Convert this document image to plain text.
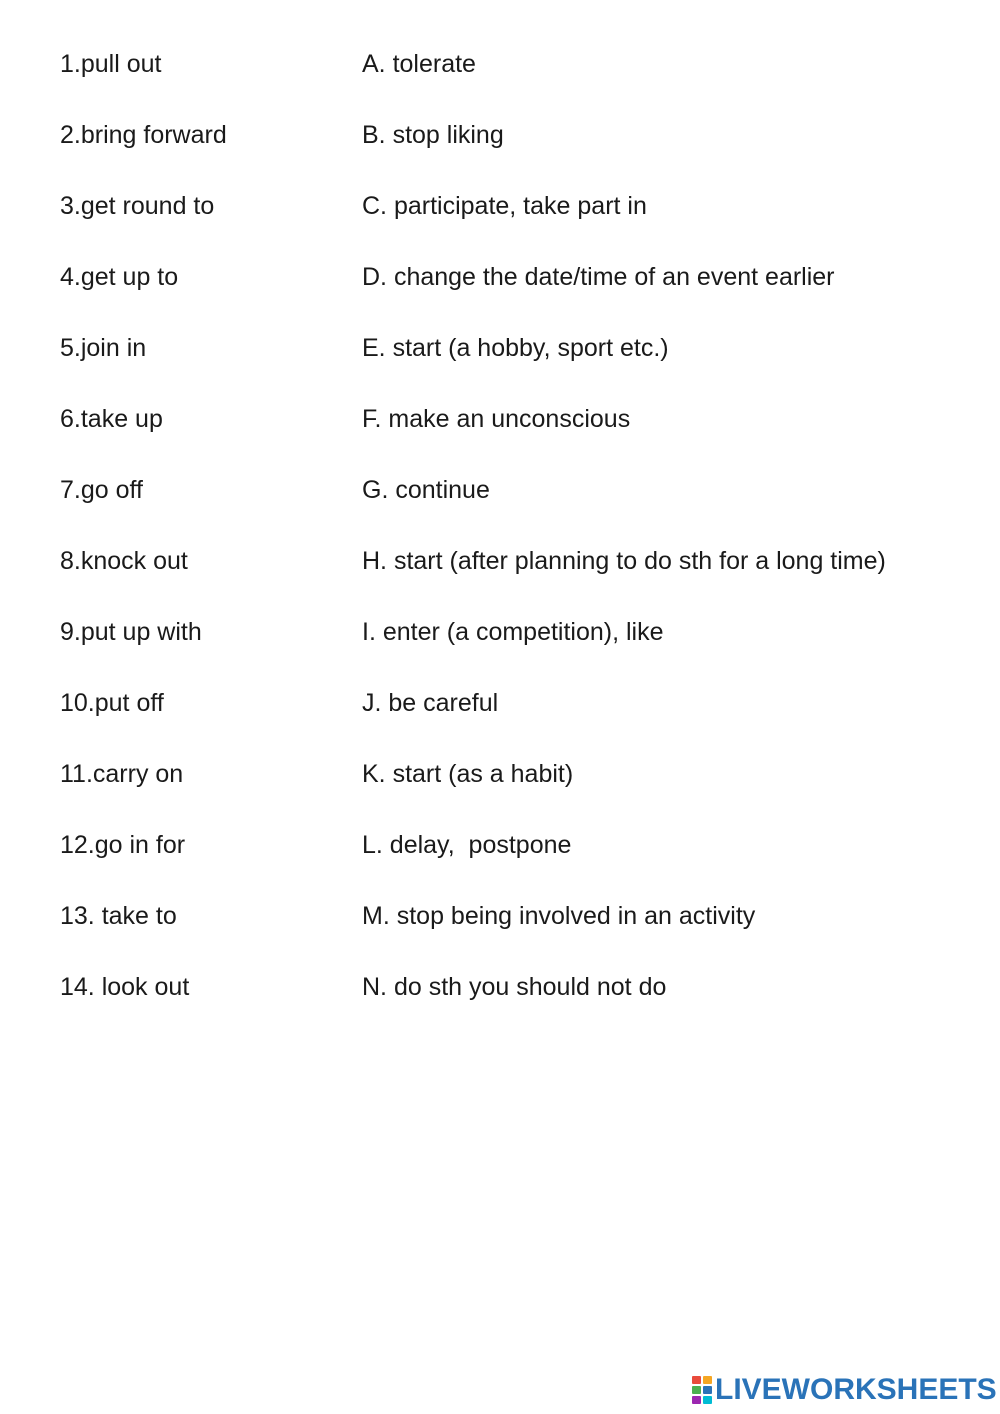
1.pull out	A. tolerate
2.bring forward	B. stop liking
3.get round to	C. participate, take part in
4.get up to	D. change the date/time of an event earlier
5.join in	E. start (a hobby, sport etc.)
6.take up	F. make an unconscious
7.go off	G. continue
8.knock out	H. start (after planning to do sth for a long time)
9.put up with	I. enter (a competition), like
10.put off	J. be careful
11.carry on	K. start (as a habit)
12.go in for	L. delay,  postpone
13. take to	M. stop being involved in an activity
14. look out	N. do sth you should not do
LIVEWORKSHEETS
